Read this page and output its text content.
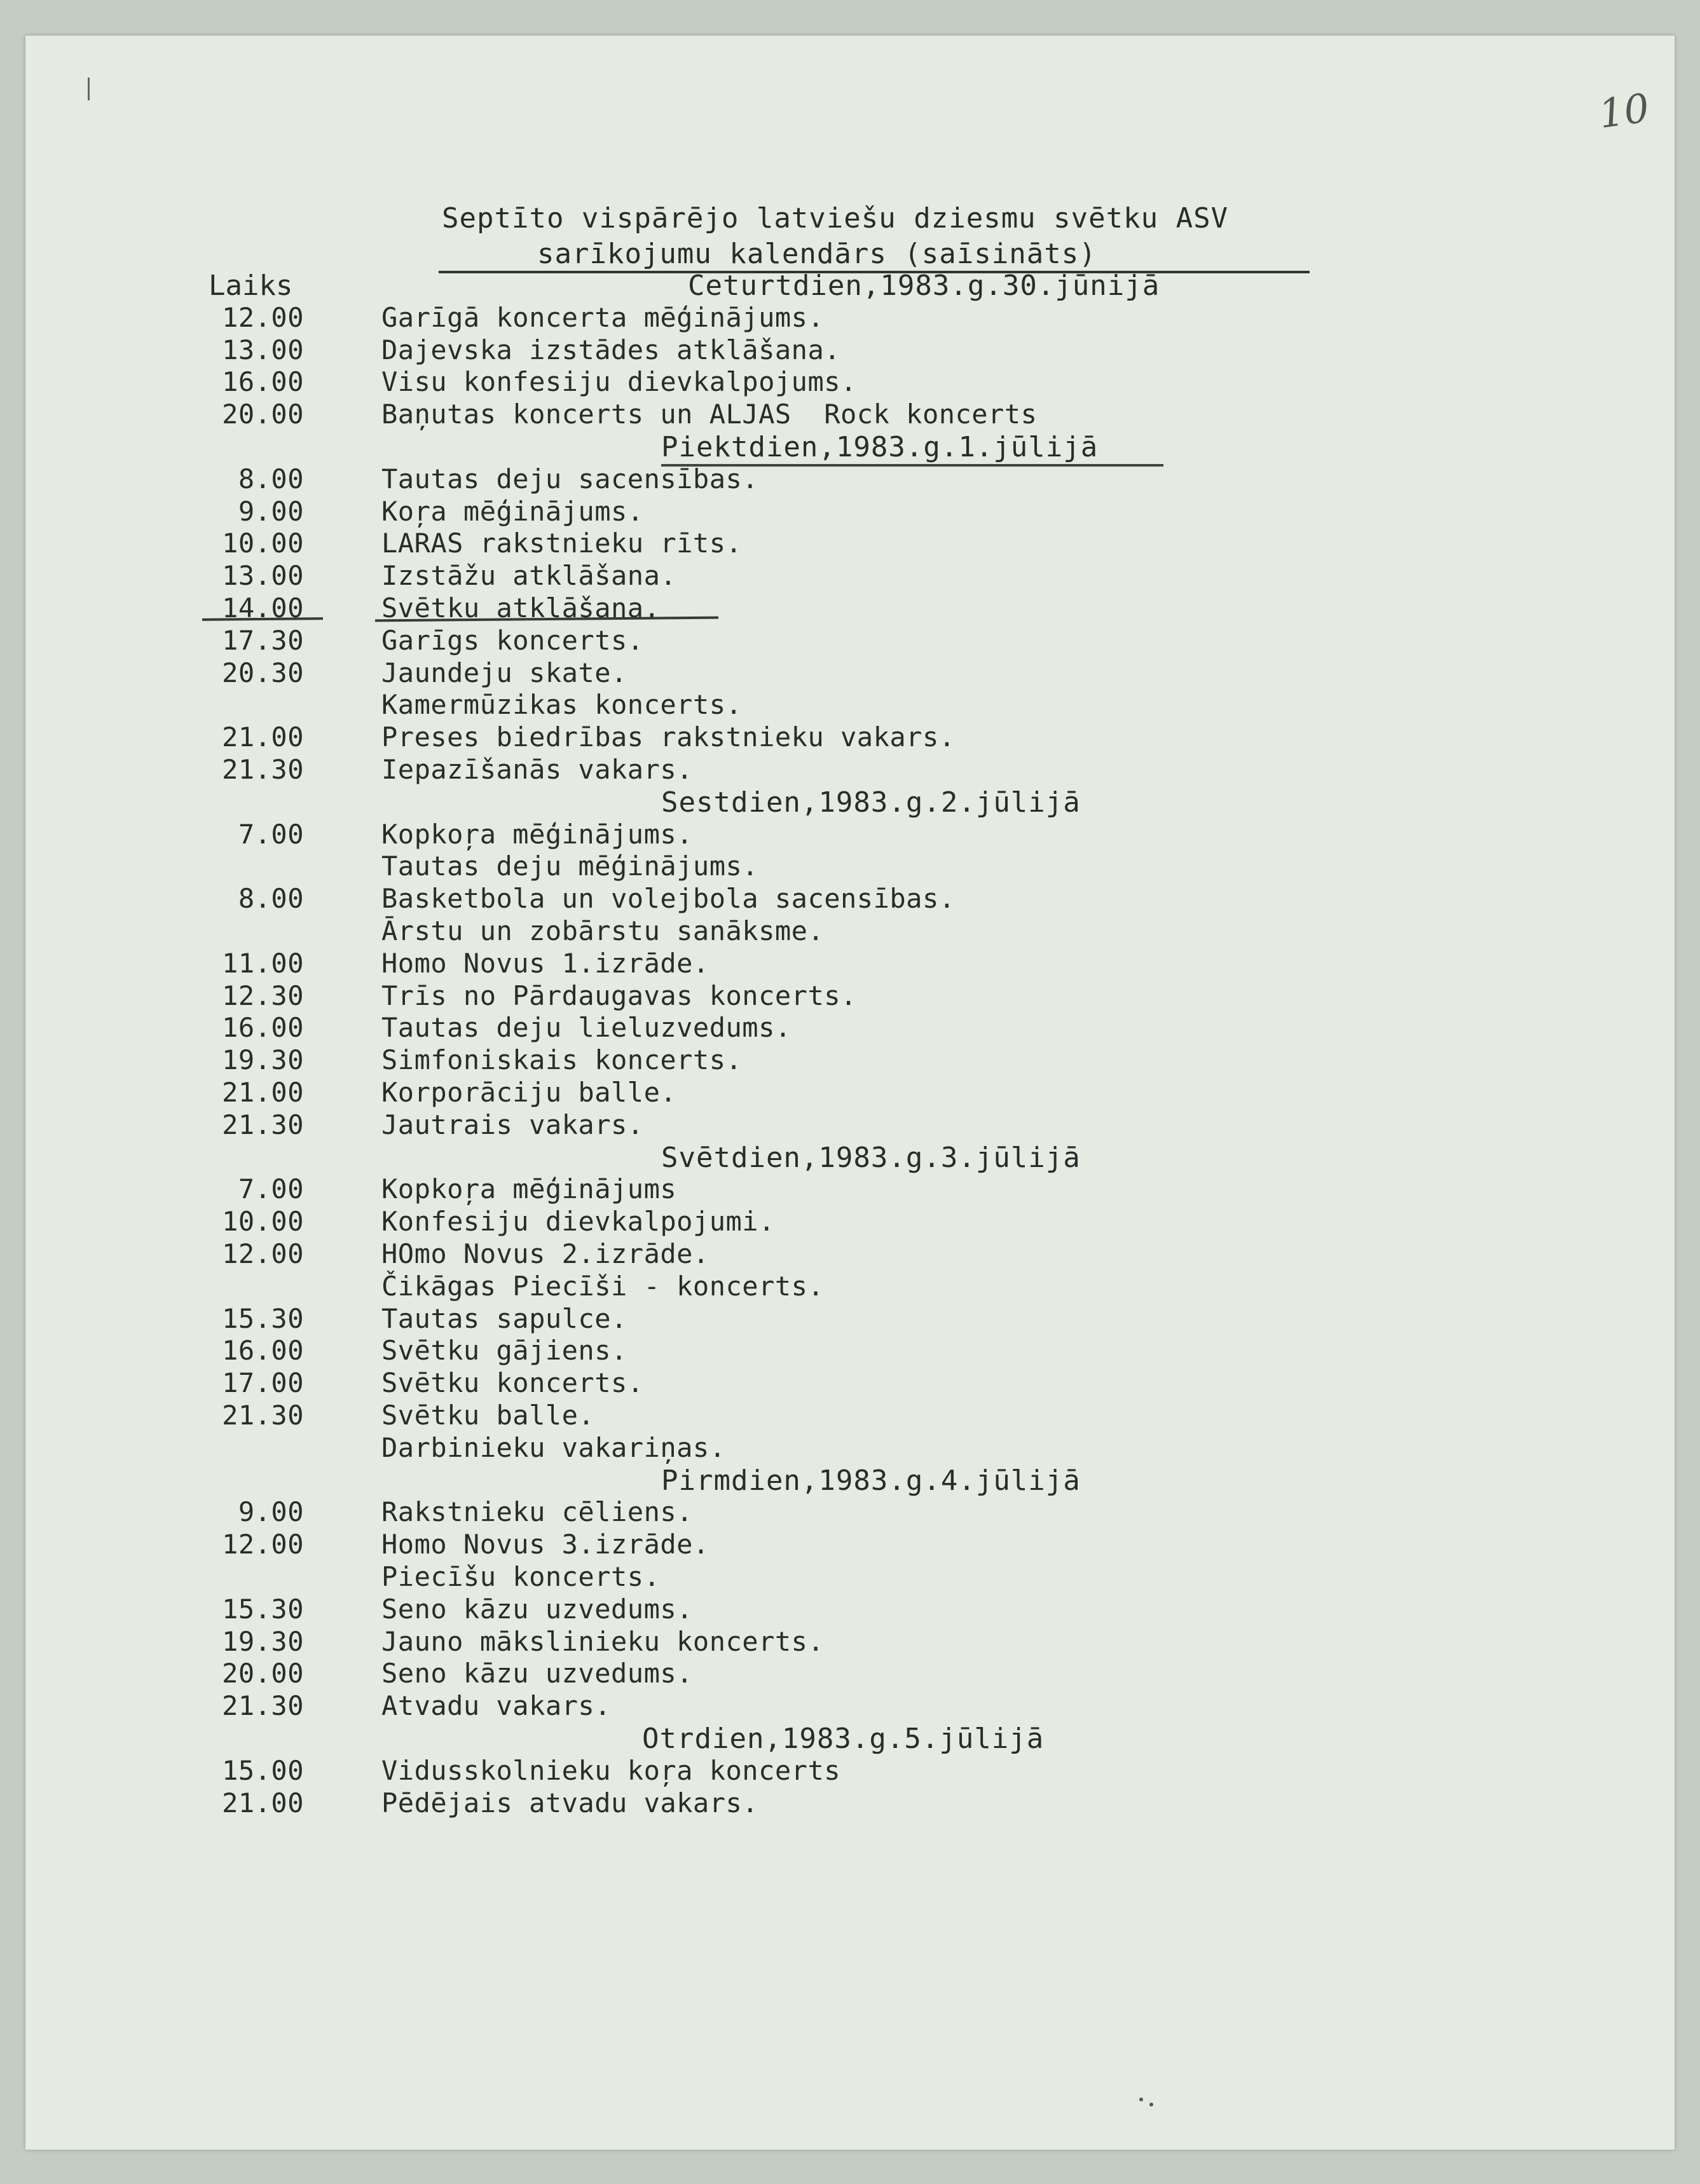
10
Septīto vispārējo latviešu dziesmu svētku ASV
sarīkojumu kalendārs (saīsināts)
Laiks	Ceturtdien,1983.g.30.jūnijā
12.00	Garīgā koncerta mēģinājums.
13.00	Dajevska izstādes atklāšana.
16.00	Visu konfesiju dievkalpojums.
20.00	Baņutas koncerts un ALJAS  Rock koncerts
Piektdien,1983.g.1.jūlijā
8.00	Tautas deju sacensības.
9.00	Koŗa mēģinājums.
10.00	LARAS rakstnieku rīts.
13.00	Izstāžu atklāšana.
14.00	Svētku atklāšana.
17.30	Garīgs koncerts.
20.30	Jaundeju skate.
Kamermūzikas koncerts.
21.00	Preses biedrības rakstnieku vakars.
21.30	Iepazīšanās vakars.
Sestdien,1983.g.2.jūlijā
7.00	Kopkoŗa mēģinājums.
Tautas deju mēģinājums.
8.00	Basketbola un volejbola sacensības.
Ārstu un zobārstu sanāksme.
11.00	Homo Novus 1.izrāde.
12.30	Trīs no Pārdaugavas koncerts.
16.00	Tautas deju lieluzvedums.
19.30	Simfoniskais koncerts.
21.00	Korporāciju balle.
21.30	Jautrais vakars.
Svētdien,1983.g.3.jūlijā
7.00	Kopkoŗa mēģinājums
10.00	Konfesiju dievkalpojumi.
12.00	HOmo Novus 2.izrāde.
Čikāgas Piecīši - koncerts.
15.30	Tautas sapulce.
16.00	Svētku gājiens.
17.00	Svētku koncerts.
21.30	Svētku balle.
Darbinieku vakariņas.
Pirmdien,1983.g.4.jūlijā
9.00	Rakstnieku cēliens.
12.00	Homo Novus 3.izrāde.
Piecīšu koncerts.
15.30	Seno kāzu uzvedums.
19.30	Jauno mākslinieku koncerts.
20.00	Seno kāzu uzvedums.
21.30	Atvadu vakars.
Otrdien,1983.g.5.jūlijā
15.00	Vidusskolnieku koŗa koncerts
21.00	Pēdējais atvadu vakars.
